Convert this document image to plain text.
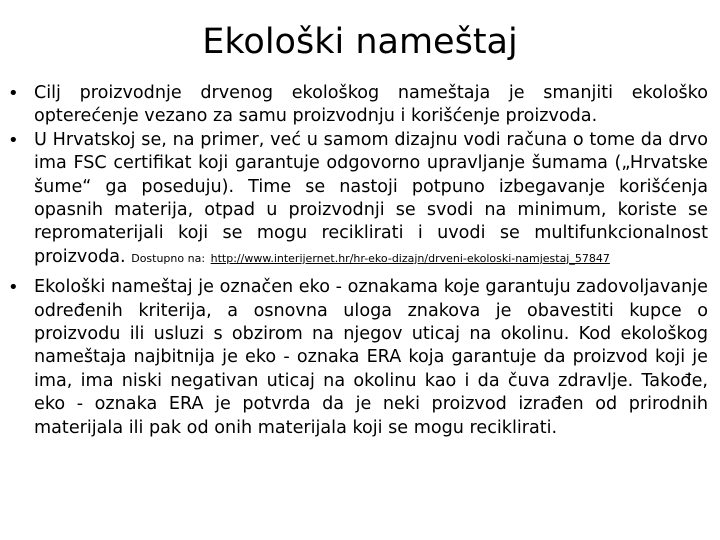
Ekološki nameštaj
• Cilj proizvodnje drvenog ekološkog nameštaja je smanjiti ekološko opterećenje vezano za samu proizvodnju i korišćenje proizvoda.
• U Hrvatskoj se, na primer, već u samom dizajnu vodi računa o tome da drvo ima FSC certifikat koji garantuje odgovorno upravljanje šumama („Hrvatske šume“ ga poseduju). Time se nastoji potpuno izbegavanje korišćenja opasnih materija, otpad u proizvodnji se svodi na minimum, koriste se repromaterijali koji se mogu reciklirati i uvodi se multifunkcionalnost proizvoda. Dostupno na: http://www.interijernet.hr/hr-eko-dizajn/drveni-ekoloski-namjestaj_57847
• Ekološki nameštaj je označen eko - oznakama koje garantuju zadovoljavanje određenih kriterija, a osnovna uloga znakova je obavestiti kupce o proizvodu ili usluzi s obzirom na njegov uticaj na okolinu. Kod ekološkog nameštaja najbitnija je eko - oznaka ERA koja garantuje da proizvod koji je ima, ima niski negativan uticaj na okolinu kao i da čuva zdravlje. Takođe, eko - oznaka ERA je potvrda da je neki proizvod izrađen od prirodnih materijala ili pak od onih materijala koji se mogu reciklirati.
